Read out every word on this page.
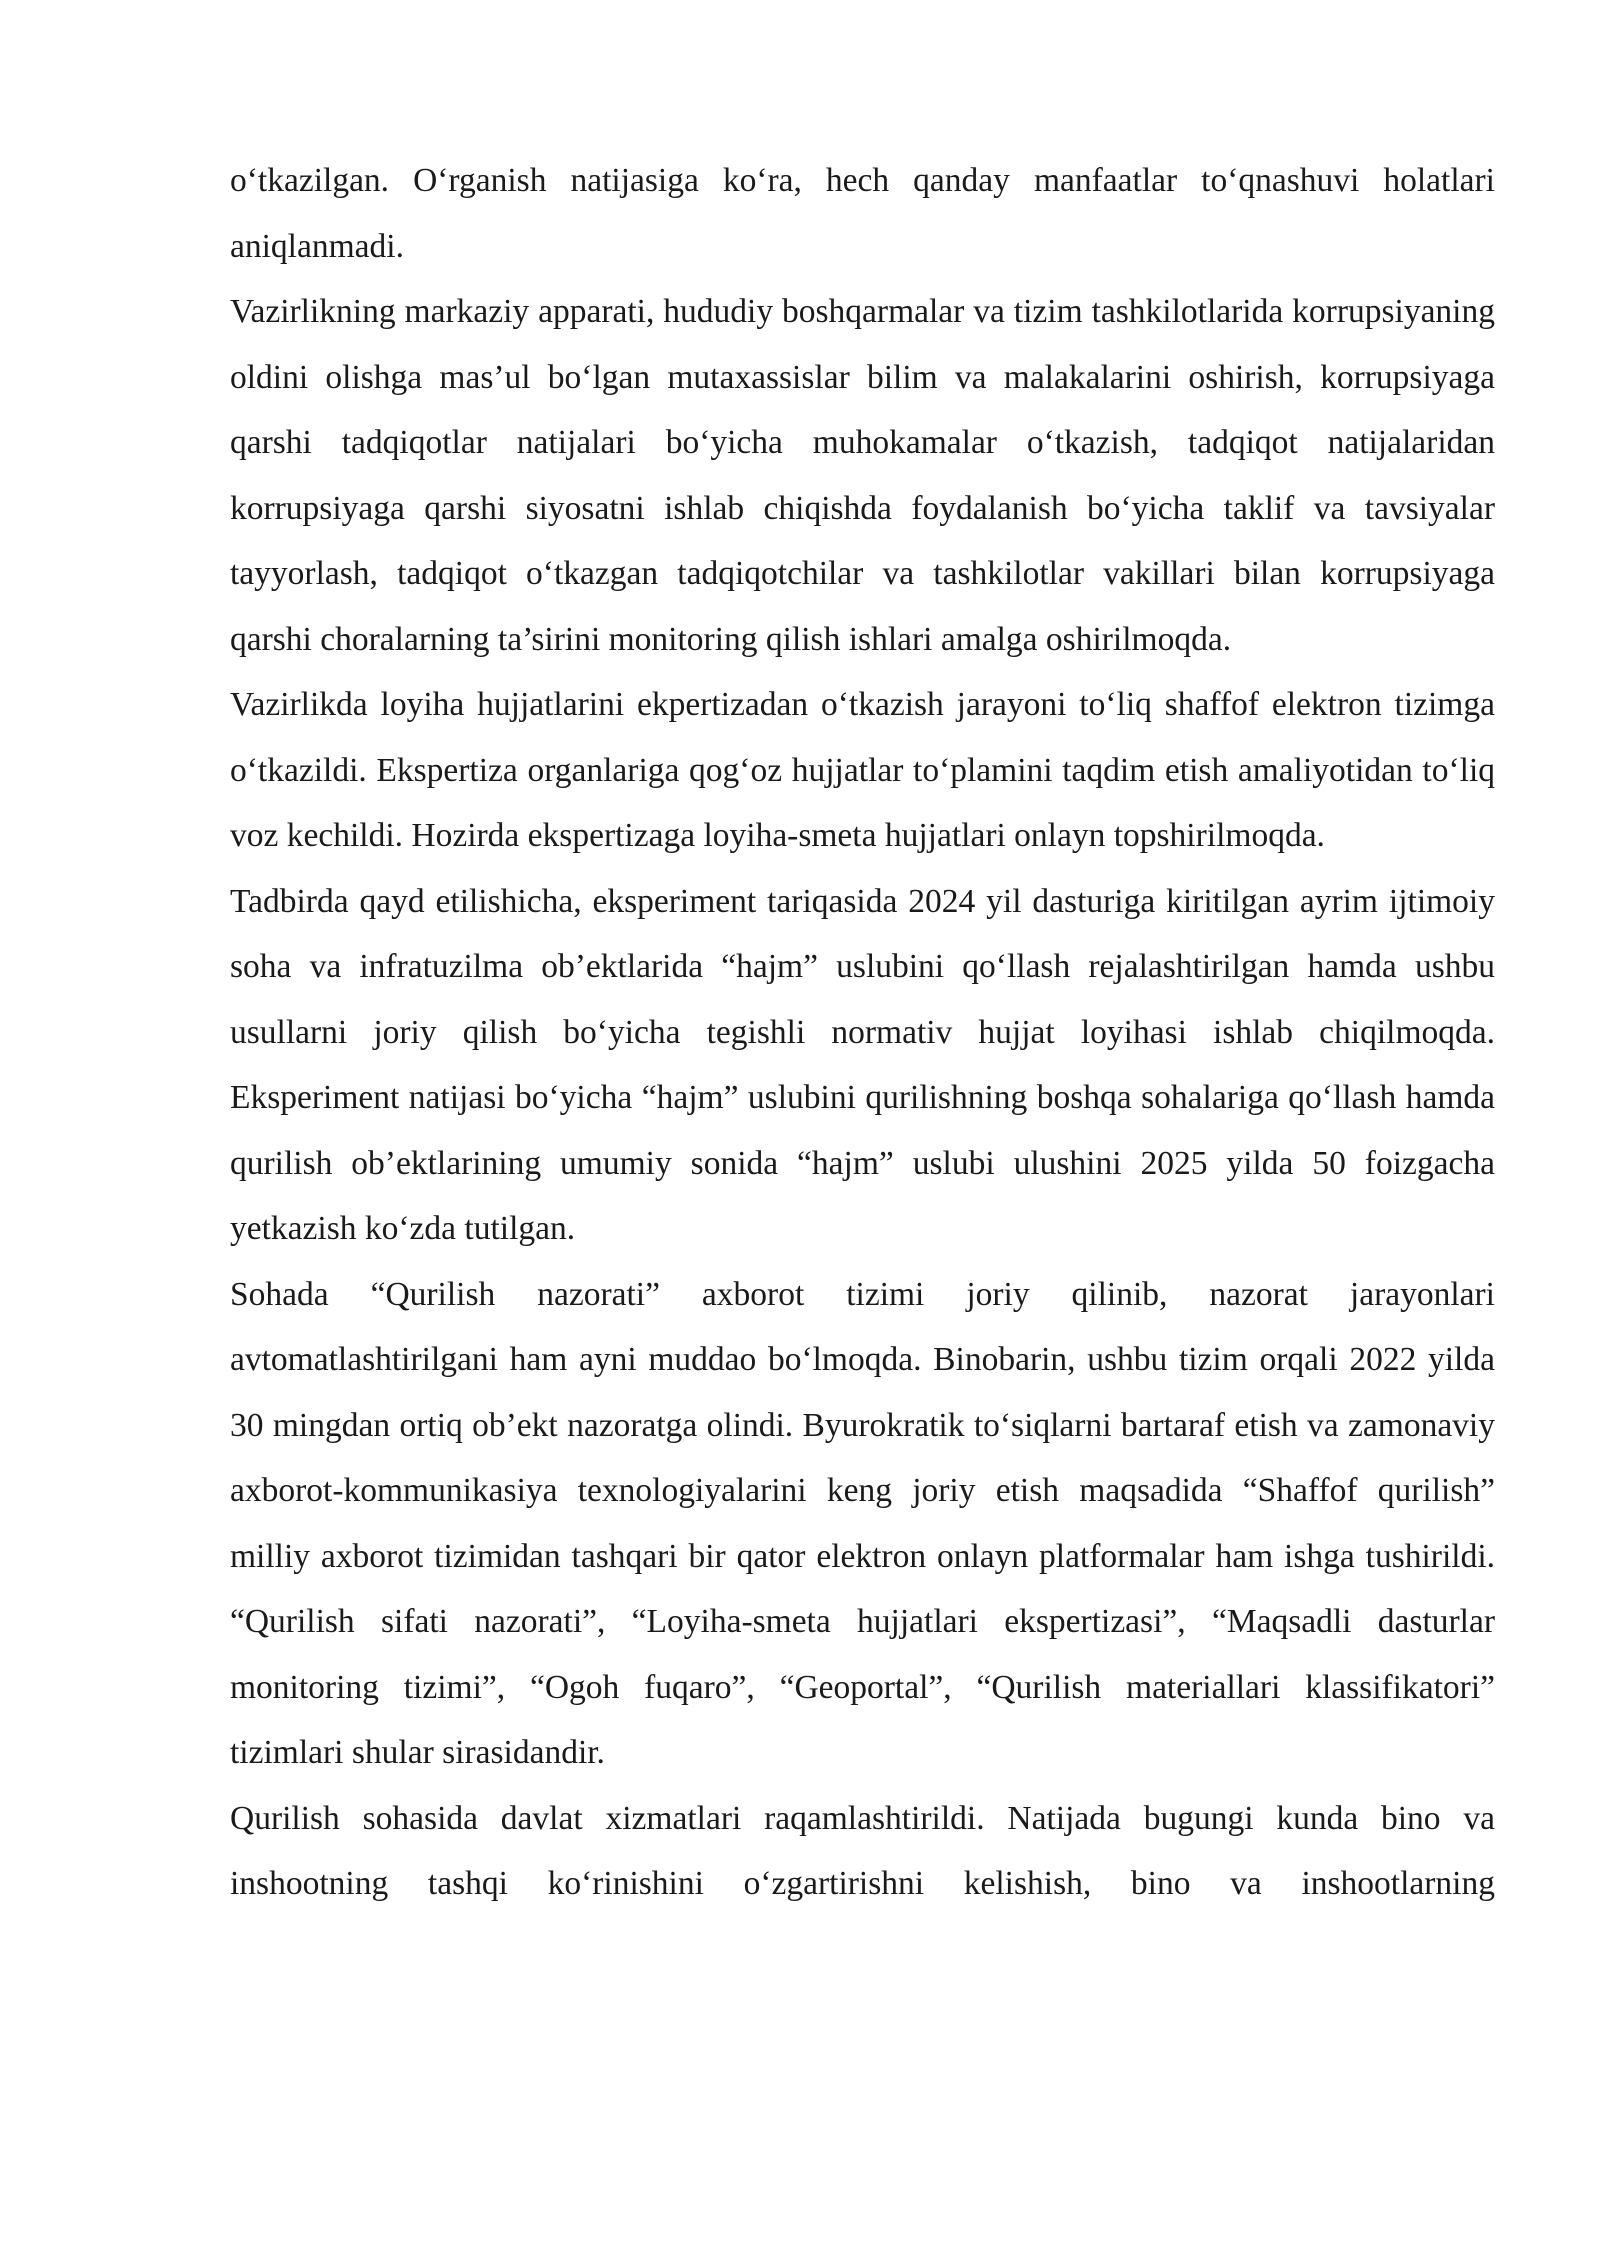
oʻtkazilgan. Oʻrganish natijasiga koʻra, hech qanday manfaatlar toʻqnashuvi holatlari aniqlanmadi.

Vazirlikning markaziy apparati, hududiy boshqarmalar va tizim tashkilotlarida korrupsiyaning oldini olishga mas’ul boʻlgan mutaxassislar bilim va malakalarini oshirish, korrupsiyaga qarshi tadqiqotlar natijalari boʻyicha muhokamalar oʻtkazish, tadqiqot natijalaridan korrupsiyaga qarshi siyosatni ishlab chiqishda foydalanish boʻyicha taklif va tavsiyalar tayyorlash, tadqiqot oʻtkazgan tadqiqotchilar va tashkilotlar vakillari bilan korrupsiyaga qarshi choralarning ta’sirini monitoring qilish ishlari amalga oshirilmoqda.

Vazirlikda loyiha hujjatlarini ekpertizadan oʻtkazish jarayoni toʻliq shaffof elektron tizimga oʻtkazildi. Ekspertiza organlariga qogʻoz hujjatlar toʻplamini taqdim etish amaliyotidan toʻliq voz kechildi. Hozirda ekspertizaga loyiha-smeta hujjatlari onlayn topshirilmoqda.

Tadbirda qayd etilishicha, eksperiment tariqasida 2024 yil dasturiga kiritilgan ayrim ijtimoiy soha va infratuzilma ob’ektlarida “hajm” uslubini qoʻllash rejalashtirilgan hamda ushbu usullarni joriy qilish boʻyicha tegishli normativ hujjat loyihasi ishlab chiqilmoqda. Eksperiment natijasi boʻyicha “hajm” uslubini qurilishning boshqa sohalariga qoʻllash hamda qurilish ob’ektlarining umumiy sonida “hajm” uslubi ulushini 2025 yilda 50 foizgacha yetkazish koʻzda tutilgan.

Sohada “Qurilish nazorati” axborot tizimi joriy qilinib, nazorat jarayonlari avtomatlashtirilgani ham ayni muddao boʻlmoqda. Binobarin, ushbu tizim orqali 2022 yilda 30 mingdan ortiq ob’ekt nazoratga olindi. Byurokratik toʻsiqlarni bartaraf etish va zamonaviy axborot-kommunikasiya texnologiyalarini keng joriy etish maqsadida “Shaffof qurilish” milliy axborot tizimidan tashqari bir qator elektron onlayn platformalar ham ishga tushirildi. “Qurilish sifati nazorati”, “Loyiha-smeta hujjatlari ekspertizasi”, “Maqsadli dasturlar monitoring tizimi”, “Ogoh fuqaro”, “Geoportal”, “Qurilish materiallari klassifikatori” tizimlari shular sirasidandir.

Qurilish sohasida davlat xizmatlari raqamlashtirildi. Natijada bugungi kunda bino va inshootning tashqi koʻrinishini oʻzgartirishni kelishish, bino va inshootlarning
